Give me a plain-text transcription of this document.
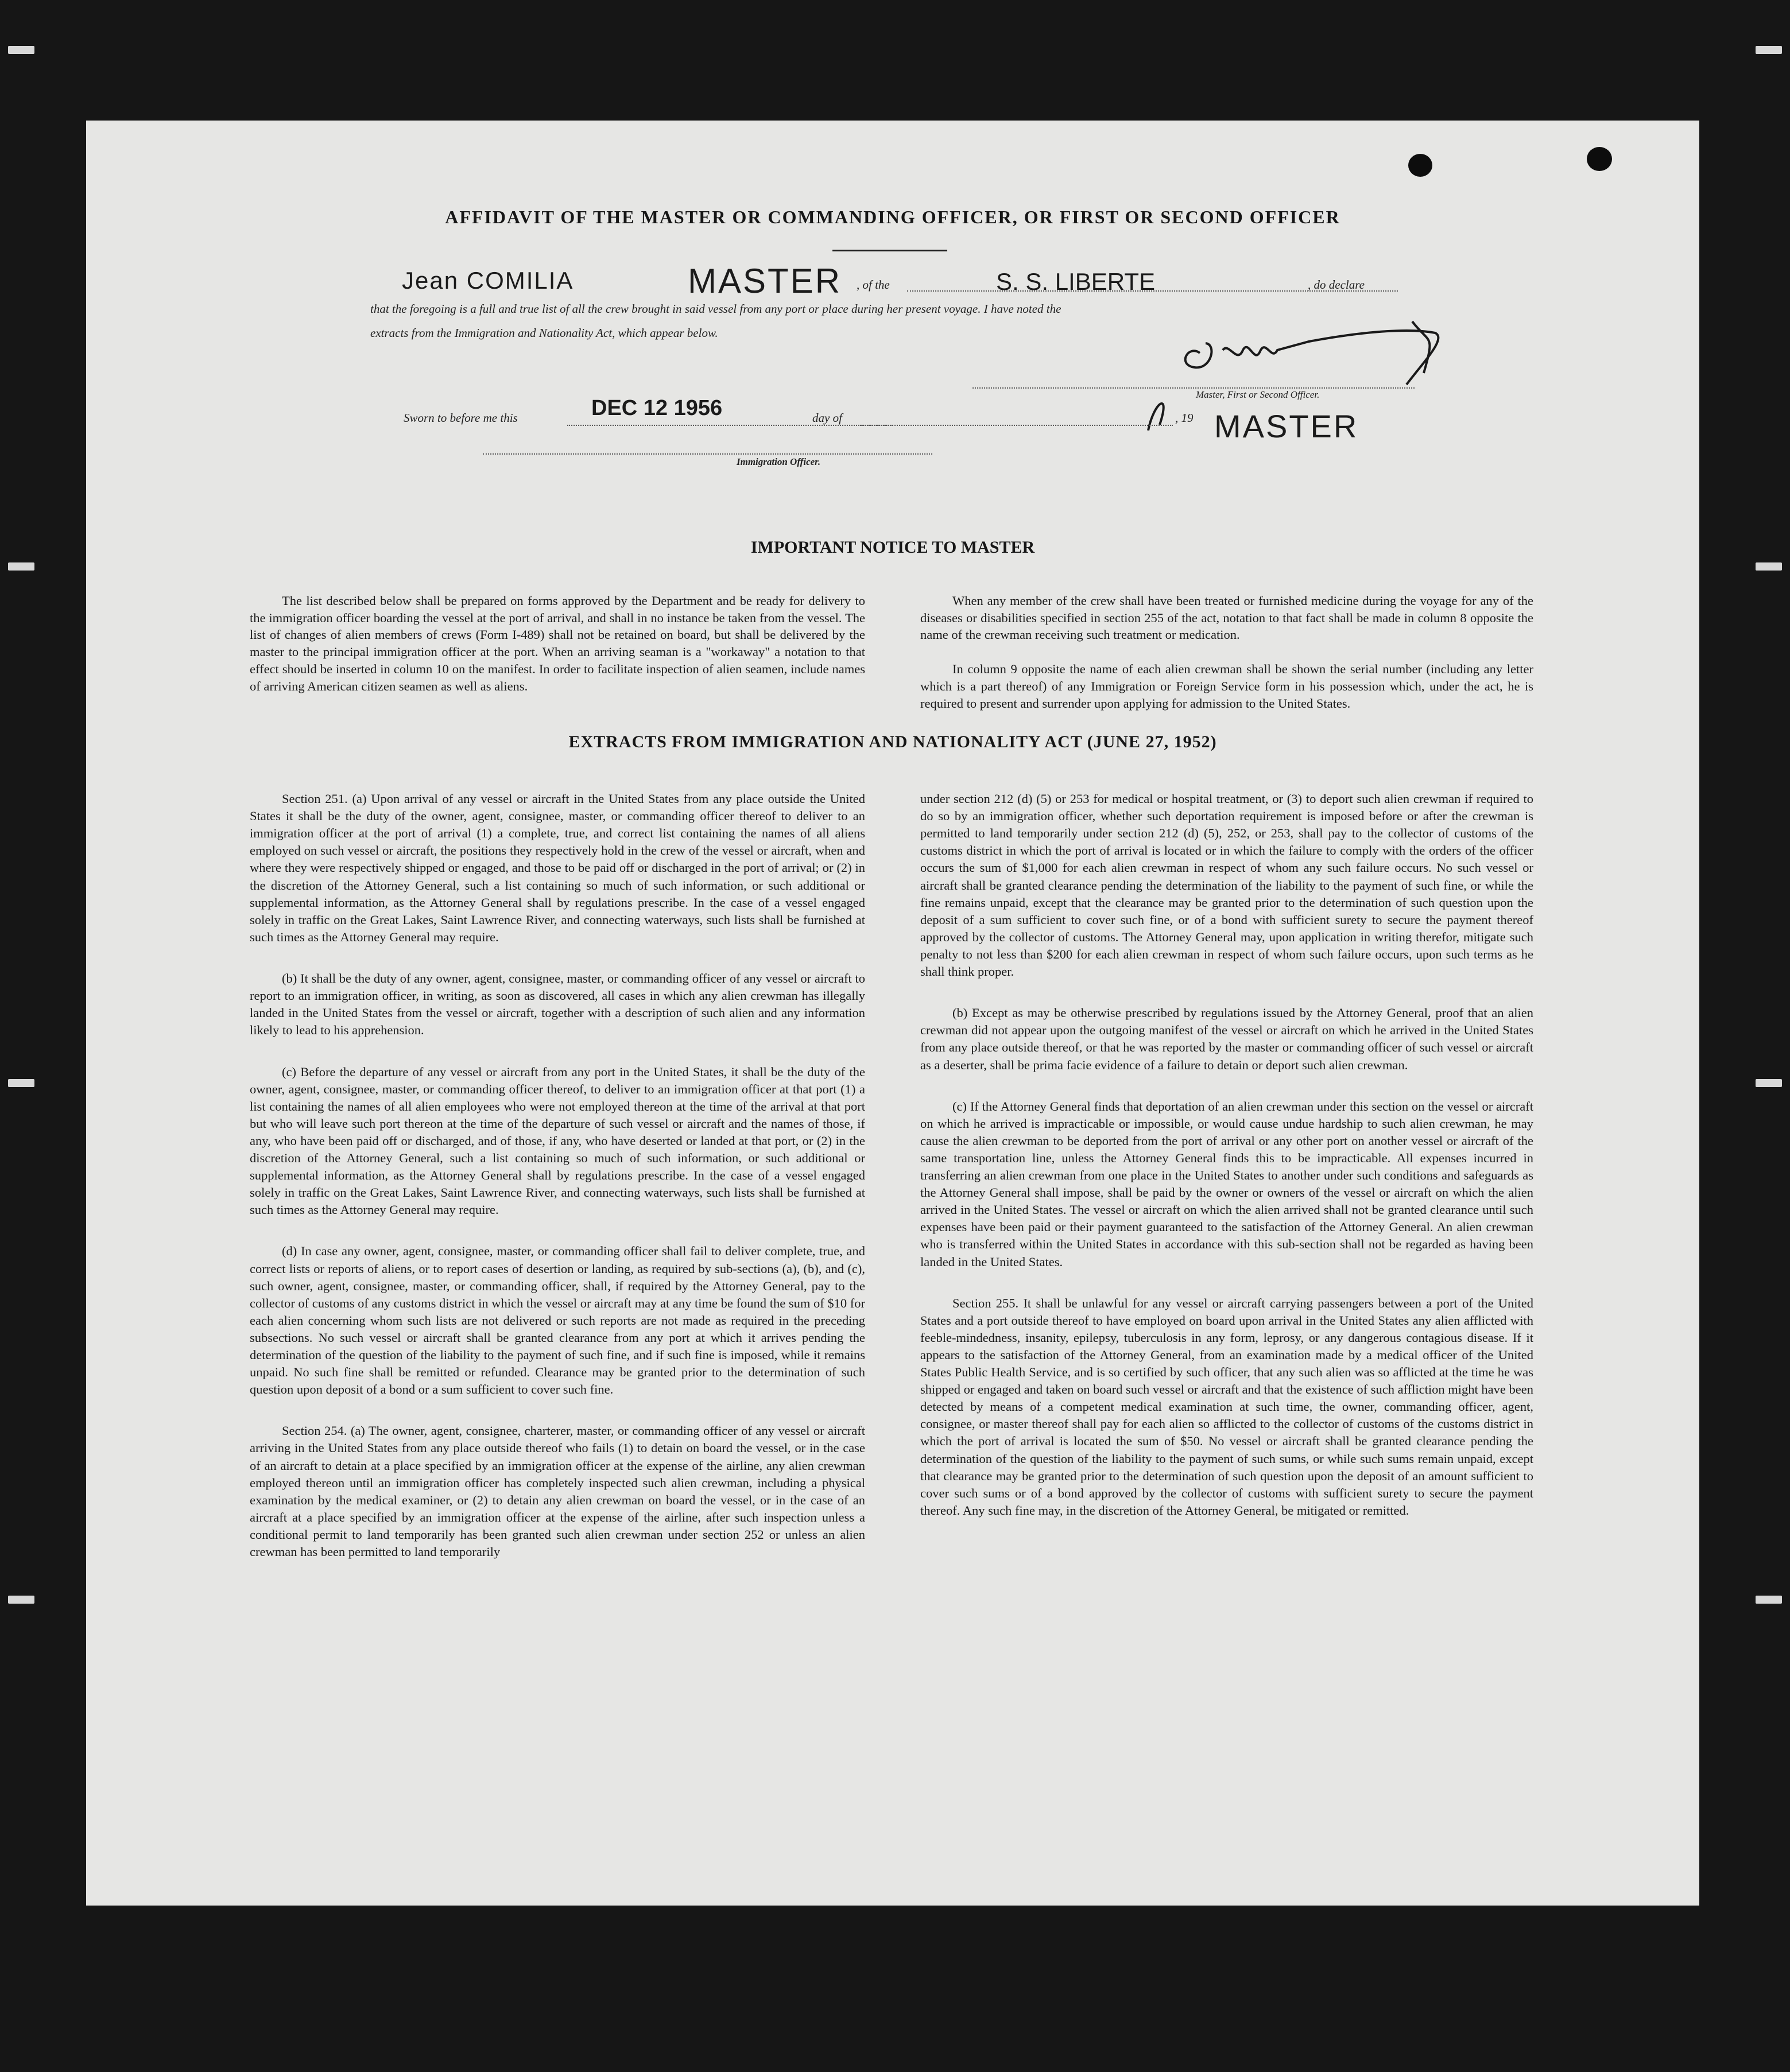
AFFIDAVIT OF THE MASTER OR COMMANDING OFFICER, OR FIRST OR SECOND OFFICER
Jean COMILIA	MASTER , of the	S. S. LIBERTE	, do declare
that the foregoing is a full and true list of all the crew brought in said vessel from any port or place during her present voyage. I have noted the
extracts from the Immigration and Nationality Act, which appear below.
Sworn to before me this	DEC 12 1956	day of	, 19
Master, First or Second Officer.
MASTER
Immigration Officer.
IMPORTANT NOTICE TO MASTER

The list described below shall be prepared on forms approved by the Department and be ready for delivery to the immigration officer boarding the vessel at the port of arrival, and shall in no instance be taken from the vessel. The list of changes of alien members of crews (Form I-489) shall not be retained on board, but shall be delivered by the master to the principal immigration officer at the port. When an arriving seaman is a "workaway" a notation to that effect should be inserted in column 10 on the manifest. In order to facilitate inspection of alien seamen, include names of arriving American citizen seamen as well as aliens.

When any member of the crew shall have been treated or furnished medicine during the voyage for any of the diseases or disabilities specified in section 255 of the act, notation to that fact shall be made in column 8 opposite the name of the crewman receiving such treatment or medication.

In column 9 opposite the name of each alien crewman shall be shown the serial number (including any letter which is a part thereof) of any Immigration or Foreign Service form in his possession which, under the act, he is required to present and surrender upon applying for admission to the United States.

EXTRACTS FROM IMMIGRATION AND NATIONALITY ACT (JUNE 27, 1952)

Section 251. (a) Upon arrival of any vessel or aircraft in the United States from any place outside the United States it shall be the duty of the owner, agent, consignee, master, or commanding officer thereof to deliver to an immigration officer at the port of arrival (1) a complete, true, and correct list containing the names of all aliens employed on such vessel or aircraft, the positions they respectively hold in the crew of the vessel or aircraft, when and where they were respectively shipped or engaged, and those to be paid off or discharged in the port of arrival; or (2) in the discretion of the Attorney General, such a list containing so much of such information, or such additional or supplemental information, as the Attorney General shall by regulations prescribe. In the case of a vessel engaged solely in traffic on the Great Lakes, Saint Lawrence River, and connecting waterways, such lists shall be furnished at such times as the Attorney General may require.

(b) It shall be the duty of any owner, agent, consignee, master, or commanding officer of any vessel or aircraft to report to an immigration officer, in writing, as soon as discovered, all cases in which any alien crewman has illegally landed in the United States from the vessel or aircraft, together with a description of such alien and any information likely to lead to his apprehension.

(c) Before the departure of any vessel or aircraft from any port in the United States, it shall be the duty of the owner, agent, consignee, master, or commanding officer thereof, to deliver to an immigration officer at that port (1) a list containing the names of all alien employees who were not employed thereon at the time of the arrival at that port but who will leave such port thereon at the time of the departure of such vessel or aircraft and the names of those, if any, who have been paid off or discharged, and of those, if any, who have deserted or landed at that port, or (2) in the discretion of the Attorney General, such a list containing so much of such information, or such additional or supplemental information, as the Attorney General shall by regulations prescribe. In the case of a vessel engaged solely in traffic on the Great Lakes, Saint Lawrence River, and connecting waterways, such lists shall be furnished at such times as the Attorney General may require.

(d) In case any owner, agent, consignee, master, or commanding officer shall fail to deliver complete, true, and correct lists or reports of aliens, or to report cases of desertion or landing, as required by sub-sections (a), (b), and (c), such owner, agent, consignee, master, or commanding officer, shall, if required by the Attorney General, pay to the collector of customs of any customs district in which the vessel or aircraft may at any time be found the sum of $10 for each alien concerning whom such lists are not delivered or such reports are not made as required in the preceding subsections. No such vessel or aircraft shall be granted clearance from any port at which it arrives pending the determination of the question of the liability to the payment of such fine, and if such fine is imposed, while it remains unpaid. No such fine shall be remitted or refunded. Clearance may be granted prior to the determination of such question upon deposit of a bond or a sum sufficient to cover such fine.

Section 254. (a) The owner, agent, consignee, charterer, master, or commanding officer of any vessel or aircraft arriving in the United States from any place outside thereof who fails (1) to detain on board the vessel, or in the case of an aircraft to detain at a place specified by an immigration officer at the expense of the airline, any alien crewman employed thereon until an immigration officer has completely inspected such alien crewman, including a physical examination by the medical examiner, or (2) to detain any alien crewman on board the vessel, or in the case of an aircraft at a place specified by an immigration officer at the expense of the airline, after such inspection unless a conditional permit to land temporarily has been granted such alien crewman under section 252 or unless an alien crewman has been permitted to land temporarily

under section 212 (d) (5) or 253 for medical or hospital treatment, or (3) to deport such alien crewman if required to do so by an immigration officer, whether such deportation requirement is imposed before or after the crewman is permitted to land temporarily under section 212 (d) (5), 252, or 253, shall pay to the collector of customs of the customs district in which the port of arrival is located or in which the failure to comply with the orders of the officer occurs the sum of $1,000 for each alien crewman in respect of whom any such failure occurs. No such vessel or aircraft shall be granted clearance pending the determination of the liability to the payment of such fine, or while the fine remains unpaid, except that the clearance may be granted prior to the determination of such question upon the deposit of a sum sufficient to cover such fine, or of a bond with sufficient surety to secure the payment thereof approved by the collector of customs. The Attorney General may, upon application in writing therefor, mitigate such penalty to not less than $200 for each alien crewman in respect of whom such failure occurs, upon such terms as he shall think proper.

(b) Except as may be otherwise prescribed by regulations issued by the Attorney General, proof that an alien crewman did not appear upon the outgoing manifest of the vessel or aircraft on which he arrived in the United States from any place outside thereof, or that he was reported by the master or commanding officer of such vessel or aircraft as a deserter, shall be prima facie evidence of a failure to detain or deport such alien crewman.

(c) If the Attorney General finds that deportation of an alien crewman under this section on the vessel or aircraft on which he arrived is impracticable or impossible, or would cause undue hardship to such alien crewman, he may cause the alien crewman to be deported from the port of arrival or any other port on another vessel or aircraft of the same transportation line, unless the Attorney General finds this to be impracticable. All expenses incurred in transferring an alien crewman from one place in the United States to another under such conditions and safeguards as the Attorney General shall impose, shall be paid by the owner or owners of the vessel or aircraft on which the alien arrived in the United States. The vessel or aircraft on which the alien arrived shall not be granted clearance until such expenses have been paid or their payment guaranteed to the satisfaction of the Attorney General. An alien crewman who is transferred within the United States in accordance with this sub-section shall not be regarded as having been landed in the United States.

Section 255. It shall be unlawful for any vessel or aircraft carrying passengers between a port of the United States and a port outside thereof to have employed on board upon arrival in the United States any alien afflicted with feeble-mindedness, insanity, epilepsy, tuberculosis in any form, leprosy, or any dangerous contagious disease. If it appears to the satisfaction of the Attorney General, from an examination made by a medical officer of the United States Public Health Service, and is so certified by such officer, that any such alien was so afflicted at the time he was shipped or engaged and taken on board such vessel or aircraft and that the existence of such affliction might have been detected by means of a competent medical examination at such time, the owner, commanding officer, agent, consignee, or master thereof shall pay for each alien so afflicted to the collector of customs of the customs district in which the port of arrival is located the sum of $50. No vessel or aircraft shall be granted clearance pending the determination of the question of the liability to the payment of such sums, or while such sums remain unpaid, except that clearance may be granted prior to the determination of such question upon the deposit of an amount sufficient to cover such sums or of a bond approved by the collector of customs with sufficient surety to secure the payment thereof. Any such fine may, in the discretion of the Attorney General, be mitigated or remitted.
